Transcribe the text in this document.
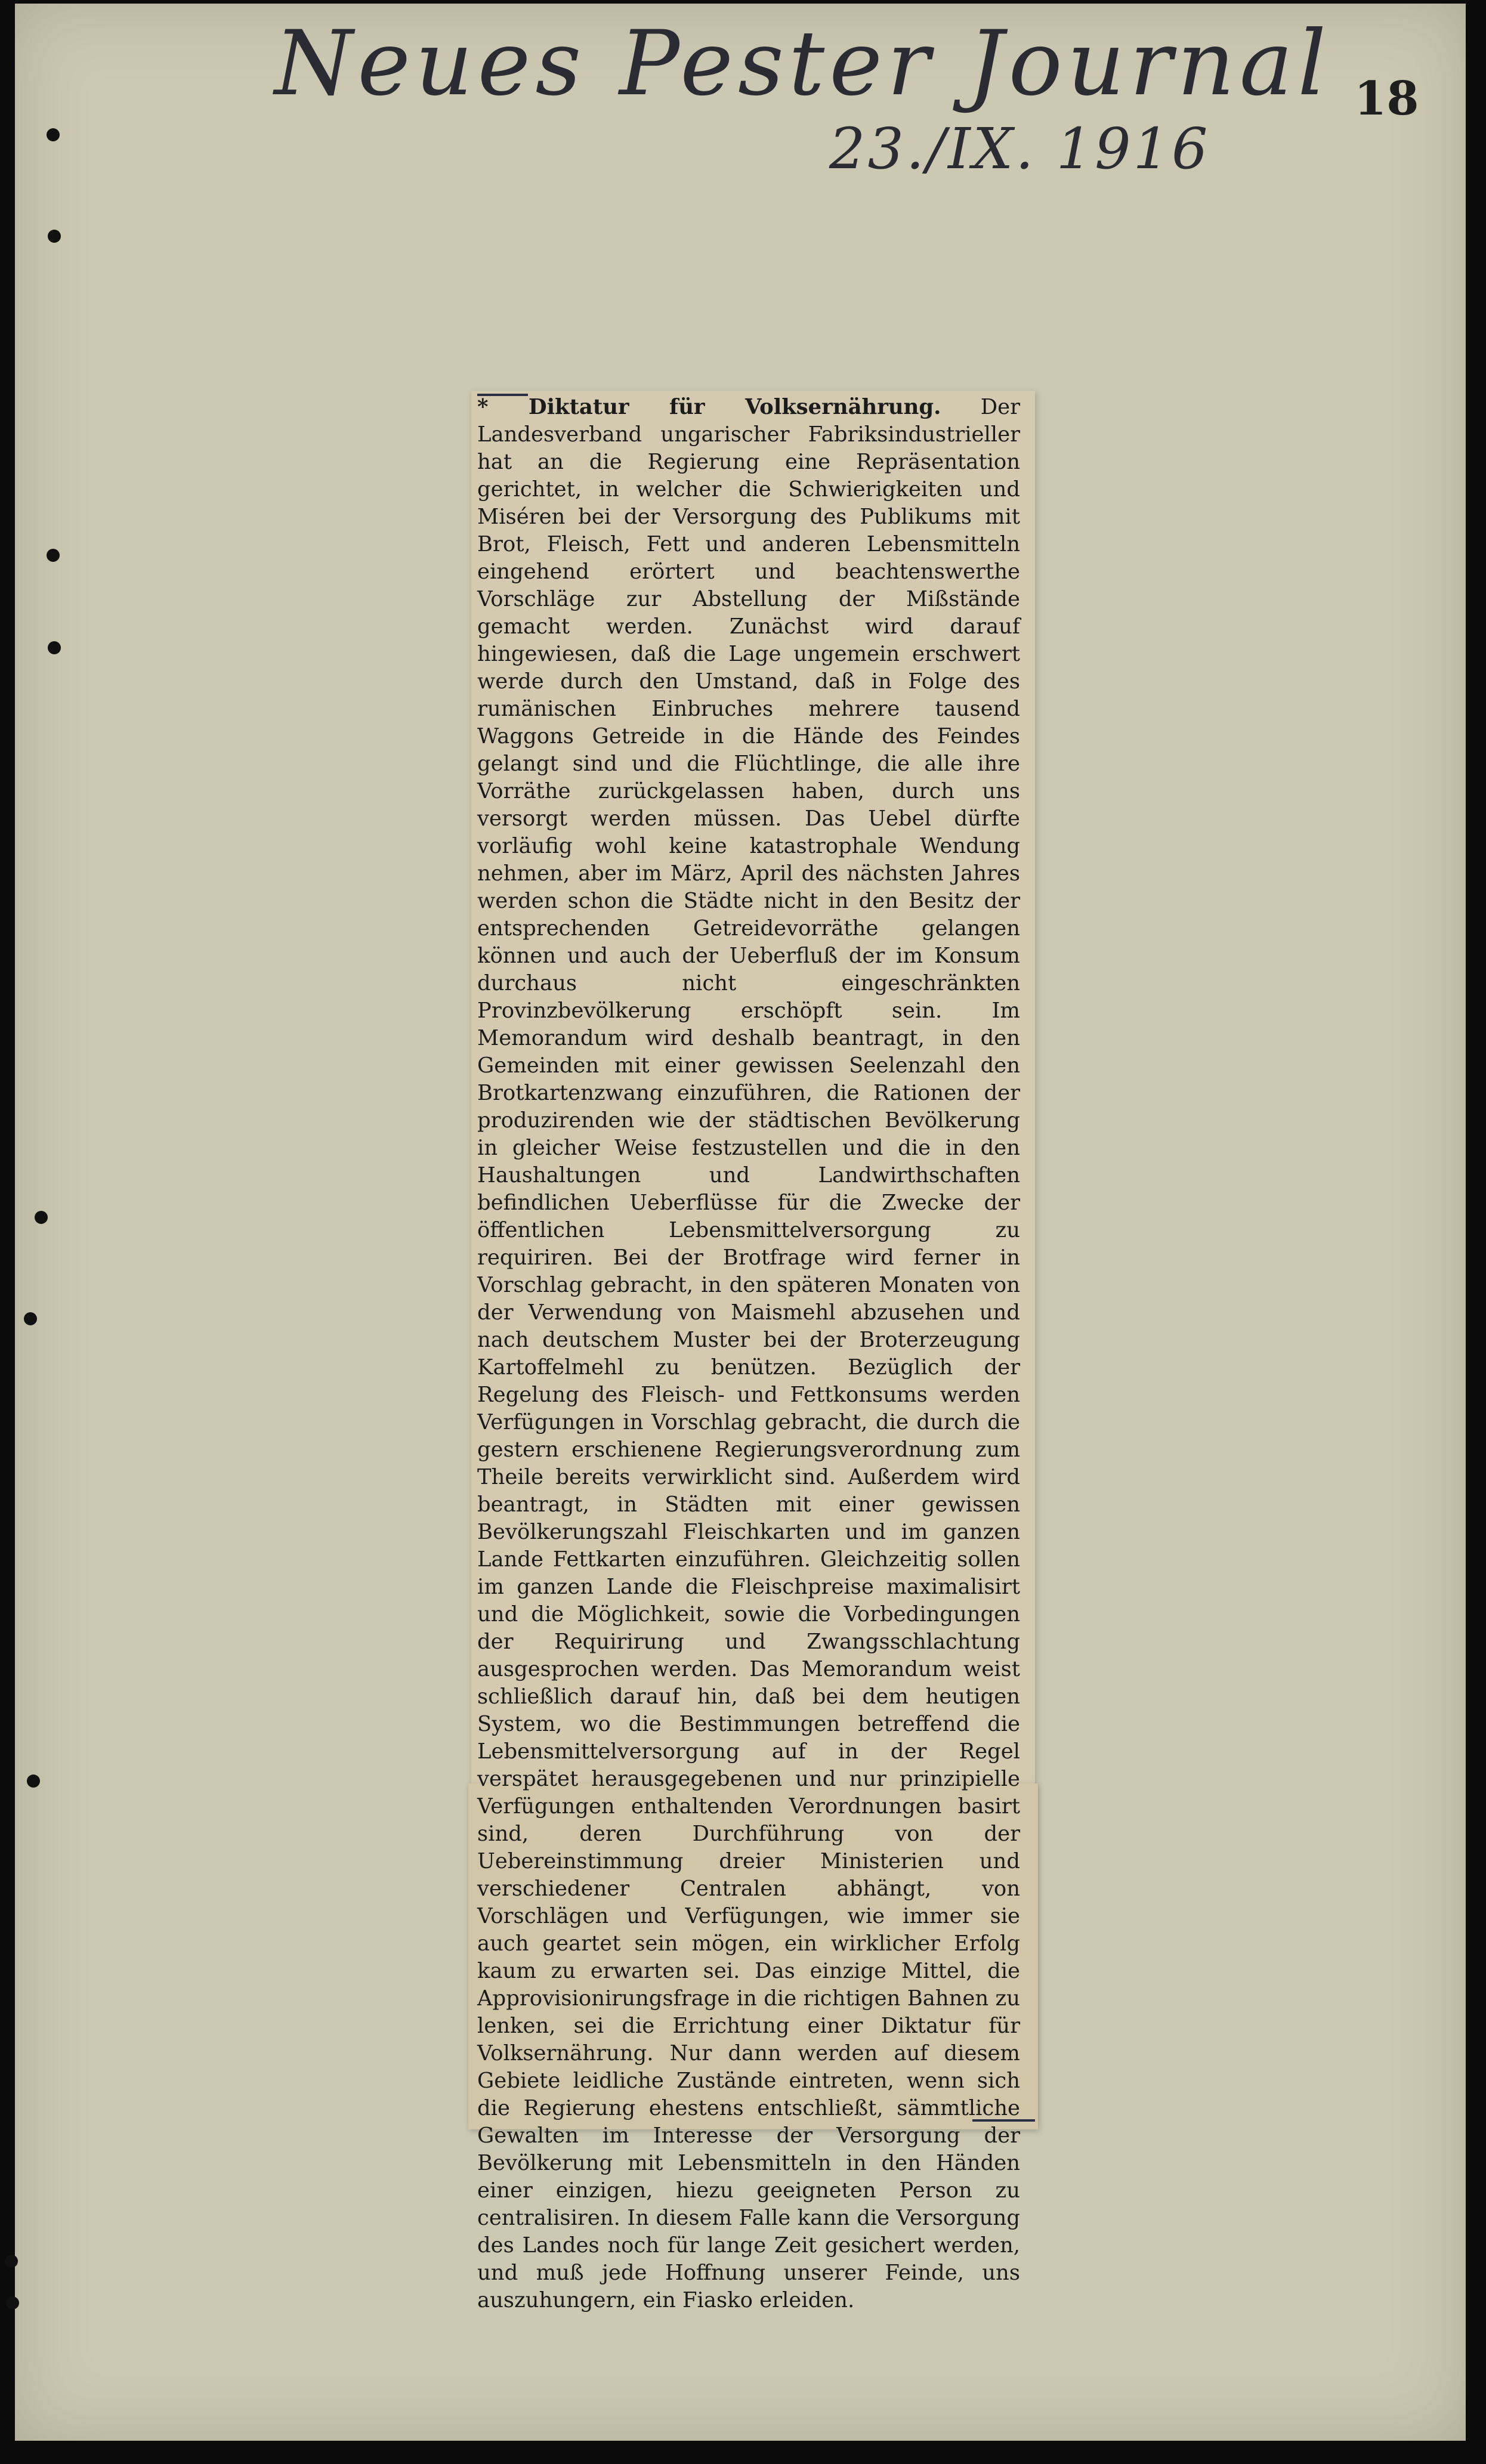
Neues Pester Journal
23./IX. 1916
18

* Diktatur für Volksernährung. Der Landesverband ungarischer Fabriksindustrieller hat an die Regierung eine Repräsentation gerichtet, in welcher die Schwierigkeiten und Miséren bei der Versorgung des Publikums mit Brot, Fleisch, Fett und anderen Lebensmitteln eingehend erörtert und beachtenswerthe Vorschläge zur Abstellung der Mißstände gemacht werden. Zunächst wird darauf hingewiesen, daß die Lage ungemein erschwert werde durch den Umstand, daß in Folge des rumänischen Einbruches mehrere tausend Waggons Getreide in die Hände des Feindes gelangt sind und die Flüchtlinge, die alle ihre Vorräthe zurückgelassen haben, durch uns versorgt werden müssen. Das Uebel dürfte vorläufig wohl keine katastrophale Wendung nehmen, aber im März, April des nächsten Jahres werden schon die Städte nicht in den Besitz der entsprechenden Getreidevorräthe gelangen können und auch der Ueberfluß der im Konsum durchaus nicht eingeschränkten Provinzbevölkerung erschöpft sein. Im Memorandum wird deshalb beantragt, in den Gemeinden mit einer gewissen Seelenzahl den Brotkartenzwang einzuführen, die Rationen der produzirenden wie der städtischen Bevölkerung in gleicher Weise festzustellen und die in den Haushaltungen und Landwirthschaften befindlichen Ueberflüsse für die Zwecke der öffentlichen Lebensmittelversorgung zu requiriren. Bei der Brotfrage wird ferner in Vorschlag gebracht, in den späteren Monaten von der Verwendung von Maismehl abzusehen und nach deutschem Muster bei der Broterzeugung Kartoffelmehl zu benützen. Bezüglich der Regelung des Fleisch- und Fettkonsums werden Verfügungen in Vorschlag gebracht, die durch die gestern erschienene Regierungsverordnung zum Theile bereits verwirklicht sind. Außerdem wird beantragt, in Städten mit einer gewissen Bevölkerungszahl Fleischkarten und im ganzen Lande Fettkarten einzuführen. Gleichzeitig sollen im ganzen Lande die Fleischpreise maximalisirt und die Möglichkeit, sowie die Vorbedingungen der Requirirung und Zwangsschlachtung ausgesprochen werden. Das Memorandum weist schließlich darauf hin, daß bei dem heutigen System, wo die Bestimmungen betreffend die Lebensmittelversorgung auf in der Regel verspätet herausgegebenen und nur prinzipielle Verfügungen enthaltenden Verordnungen basirt sind, deren Durchführung von der Uebereinstimmung dreier Ministerien und verschiedener Centralen abhängt, von Vorschlägen und Verfügungen, wie immer sie auch geartet sein mögen, ein wirklicher Erfolg kaum zu erwarten sei. Das einzige Mittel, die Approvisionirungsfrage in die richtigen Bahnen zu lenken, sei die Errichtung einer Diktatur für Volksernährung. Nur dann werden auf diesem Gebiete leidliche Zustände eintreten, wenn sich die Regierung ehestens entschließt, sämmtliche Gewalten im Interesse der Versorgung der Bevölkerung mit Lebensmitteln in den Händen einer einzigen, hiezu geeigneten Person zu centralisiren. In diesem Falle kann die Versorgung des Landes noch für lange Zeit gesichert werden, und muß jede Hoffnung unserer Feinde, uns auszuhungern, ein Fiasko erleiden.
